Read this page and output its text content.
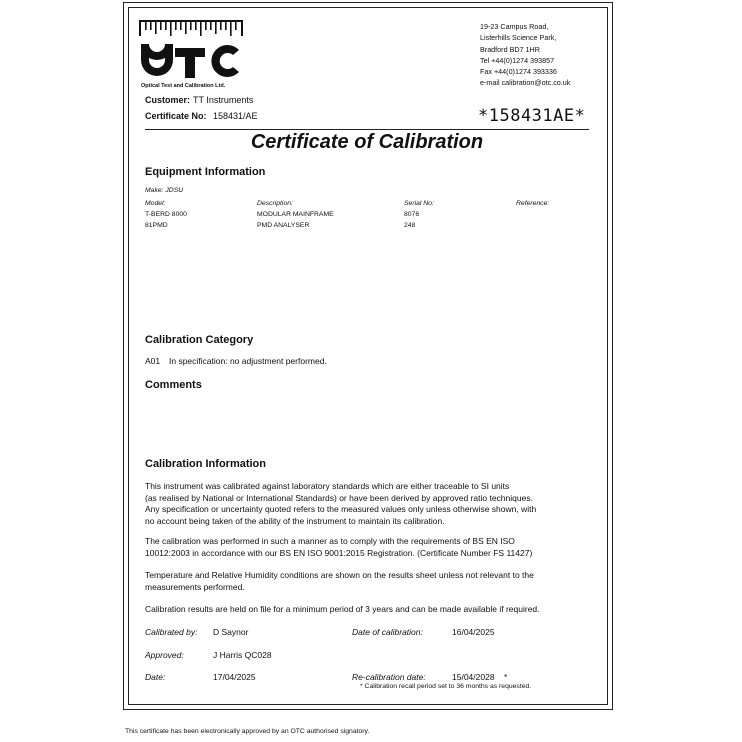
Optical Test and Calibration Ltd.
19-23 Campus Road,
Listerhills Science Park,
Bradford BD7 1HR
Tel +44(0)1274 393857
Fax +44(0)1274 393336
e-mail calibration@otc.co.uk
Customer: TT Instruments
Certificate No: 158431/AE	*158431AE*
Certificate of Calibration
Equipment Information
Make: JDSU
Model:	Description:	Serial No:	Reference:
T-BERD 8000	MODULAR MAINFRAME	8076
81PMD	PMD ANALYSER	248
Calibration Category
A01 In specification: no adjustment performed.
Comments
Calibration Information
This instrument was calibrated against laboratory standards which are either traceable to SI units
(as realised by National or International Standards) or have been derived by approved ratio techniques.
Any specification or uncertainty quoted refers to the measured values only unless otherwise shown, with
no account being taken of the ability of the instrument to maintain its calibration.
The calibration was performed in such a manner as to comply with the requirements of BS EN ISO
10012:2003 in accordance with our BS EN ISO 9001:2015 Registration. (Certificate Number FS 11427)
Temperature and Relative Humidity conditions are shown on the results sheet unless not relevant to the
measurements performed.
Calibration results are held on file for a minimum period of 3 years and can be made available if required.
Calibrated by: D Saynor	Date of calibration:	16/04/2025
Approved:	J Harris QC028
Date:	17/04/2025	Re-calibration date:	15/04/2028 *
* Calibration recall period set to 36 months as requested.
This certificate has been electronically approved by an OTC authorised signatory.
